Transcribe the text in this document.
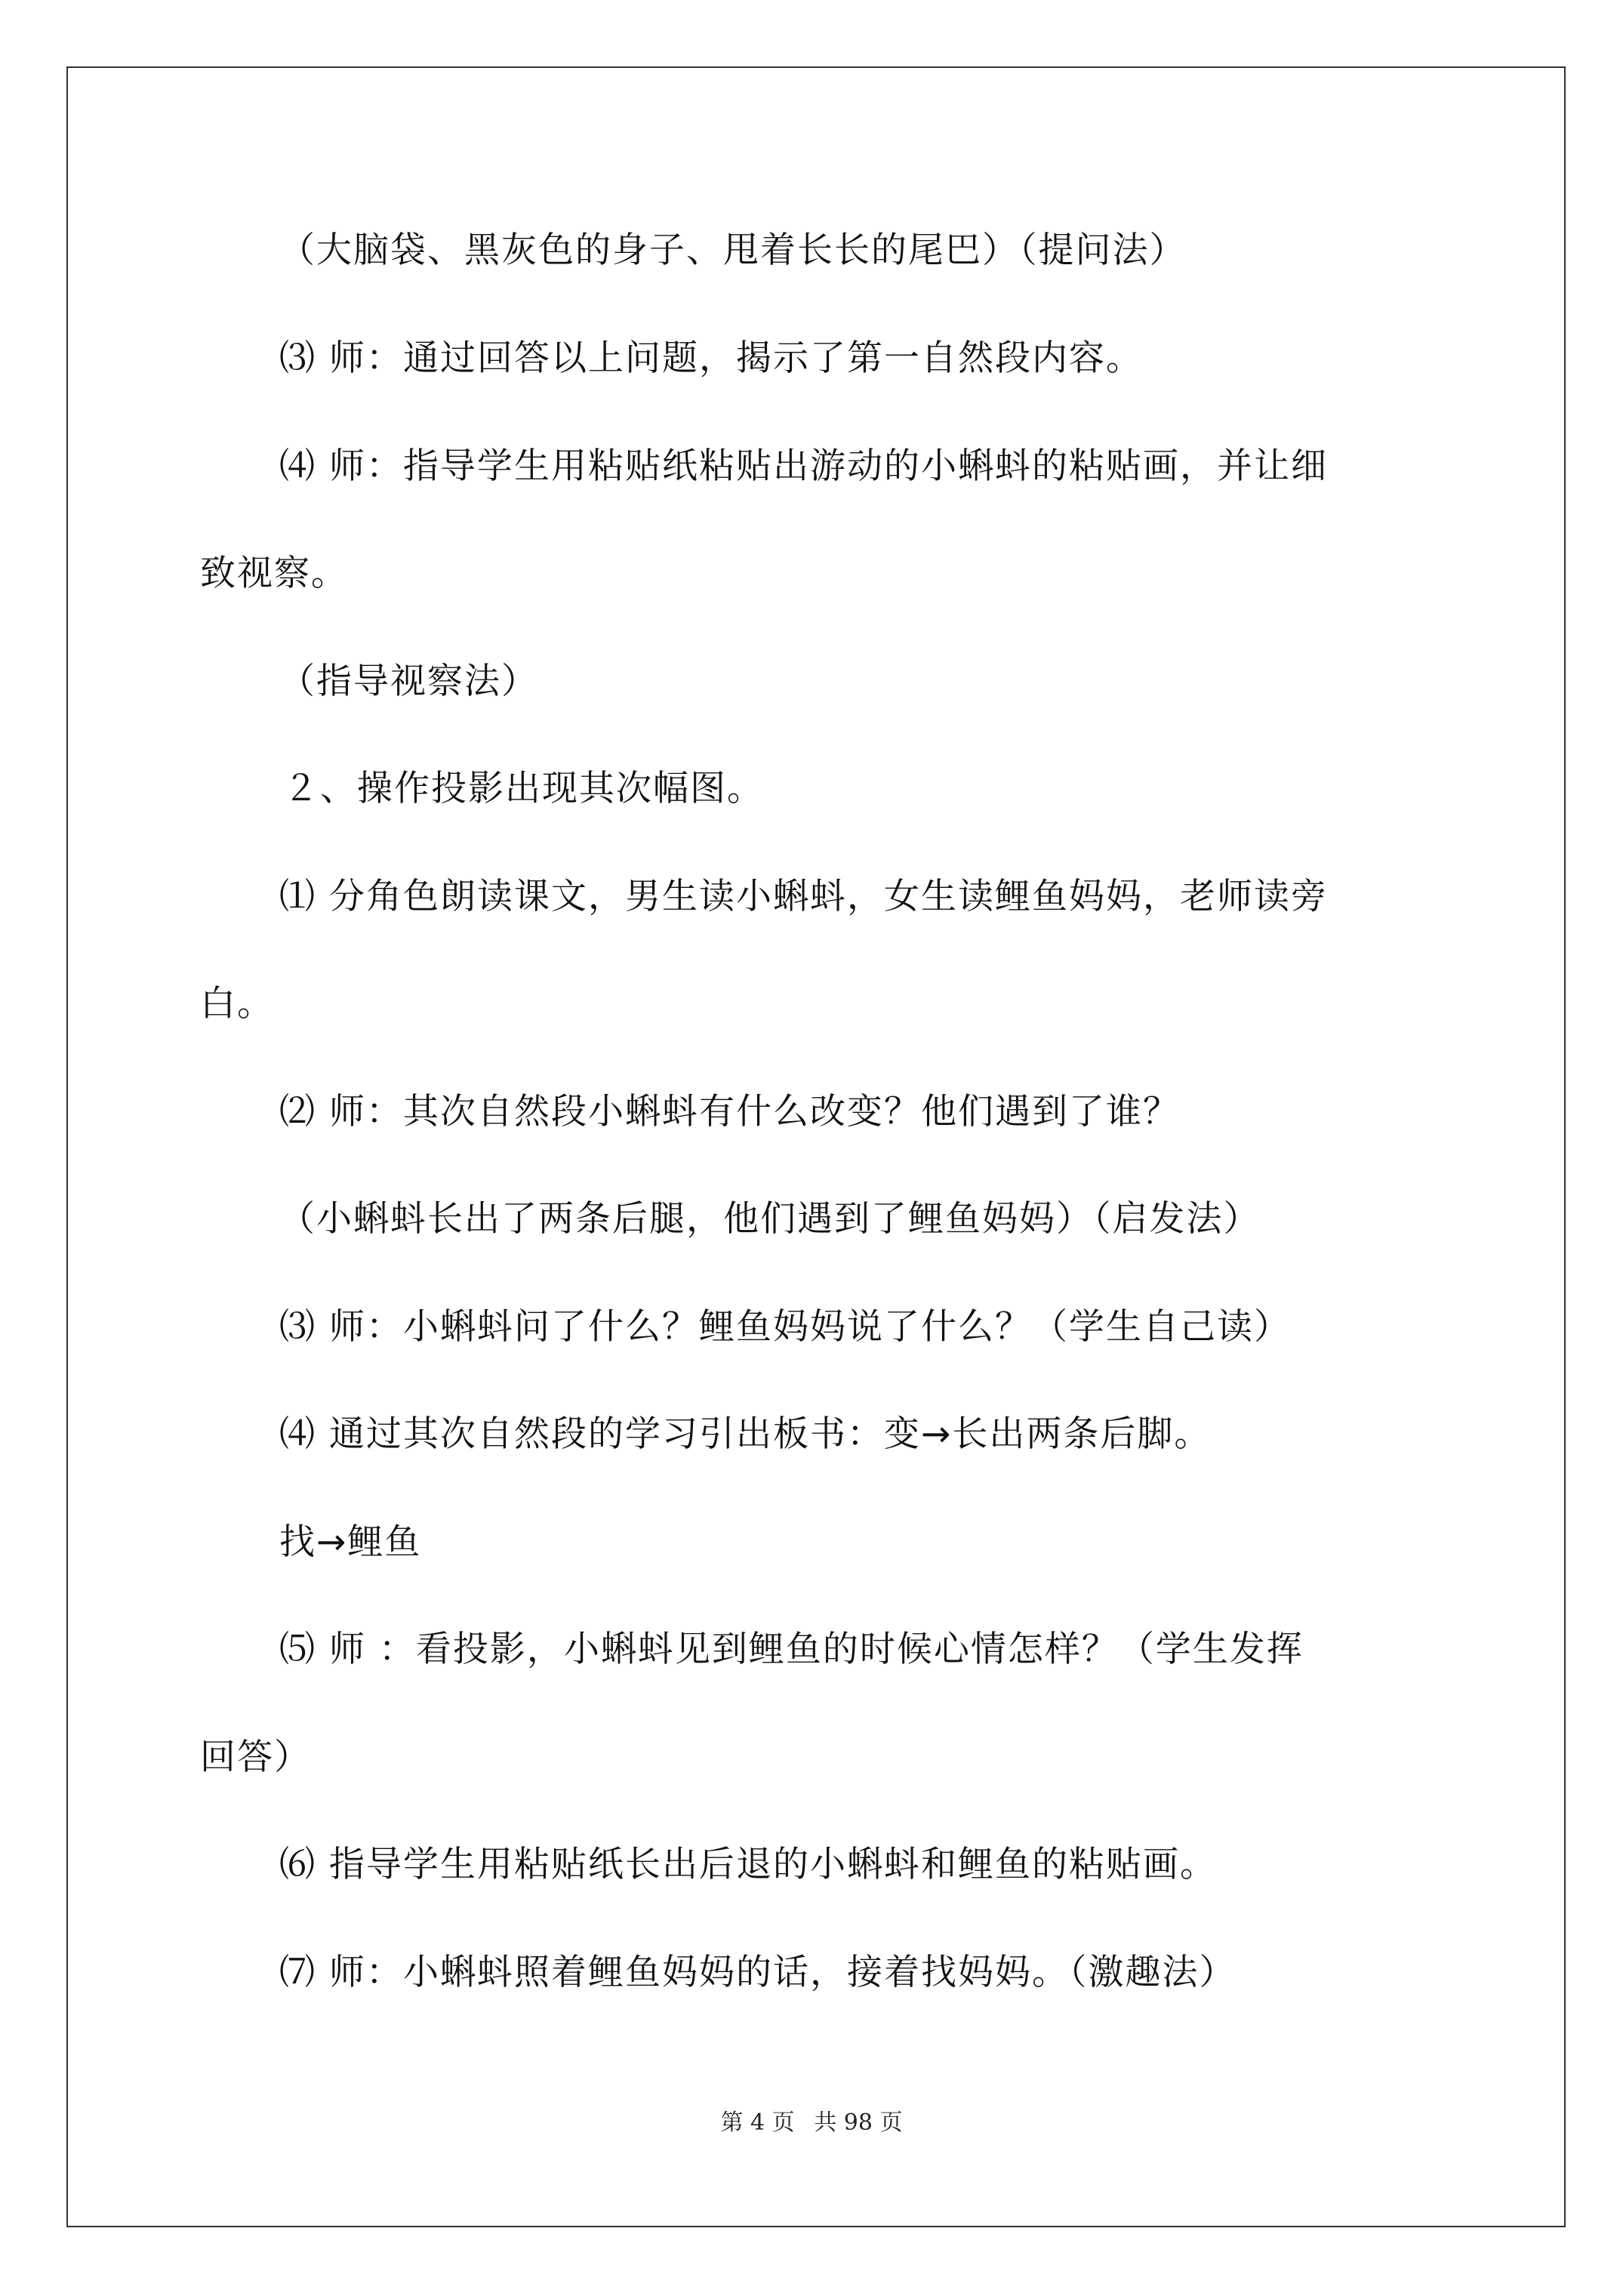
（大脑袋、黑灰色的身子、甩着长长的尾巴）（提问法）
⑶ 师：通过回答以上问题，揭示了第一自然段内容。
⑷ 师：指导学生用粘贴纸粘贴出游动的小蝌蚪的粘贴画，并让细
致视察。
（指导视察法）
２、操作投影出现其次幅图。
⑴ 分角色朗读课文，男生读小蝌蚪，女生读鲤鱼妈妈，老师读旁
白。
⑵ 师：其次自然段小蝌蚪有什么改变？他们遇到了谁？
（小蝌蚪长出了两条后腿，他们遇到了鲤鱼妈妈）（启发法）
⑶ 师：小蝌蚪问了什么？鲤鱼妈妈说了什么？（学生自己读）
⑷ 通过其次自然段的学习引出板书：变→长出两条后脚。
找→鲤鱼
⑸ 师 ：看投影，小蝌蚪见到鲤鱼的时候心情怎样？（学生发挥
回答）
⑹ 指导学生用粘贴纸长出后退的小蝌蚪和鲤鱼的粘贴画。
⑺ 师：小蝌蚪照着鲤鱼妈妈的话，接着找妈妈。（激趣法）
第 4 页 共 98 页
